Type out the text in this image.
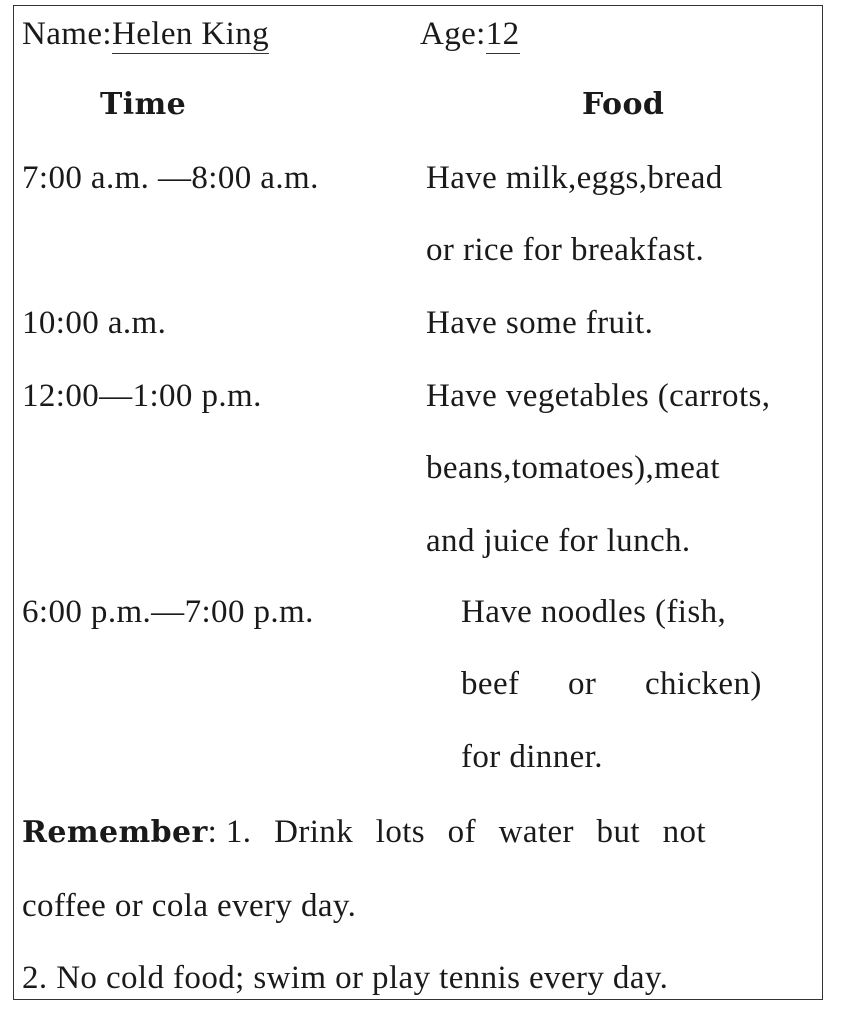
Name:Helen King	Age:12
Time	Food
7:00 a.m. —8:00 a.m.	Have milk,eggs,bread
or rice for breakfast.
10:00 a.m.	Have some fruit.
12:00—1:00 p.m.	Have vegetables (carrots,
beans,tomatoes),meat
and juice for lunch.
6:00 p.m.—7:00 p.m.	Have noodles (fish,
beef or chicken)
for dinner.
Remember: 1. Drink lots of water but not
coffee or cola every day.
2. No cold food; swim or play tennis every day.
